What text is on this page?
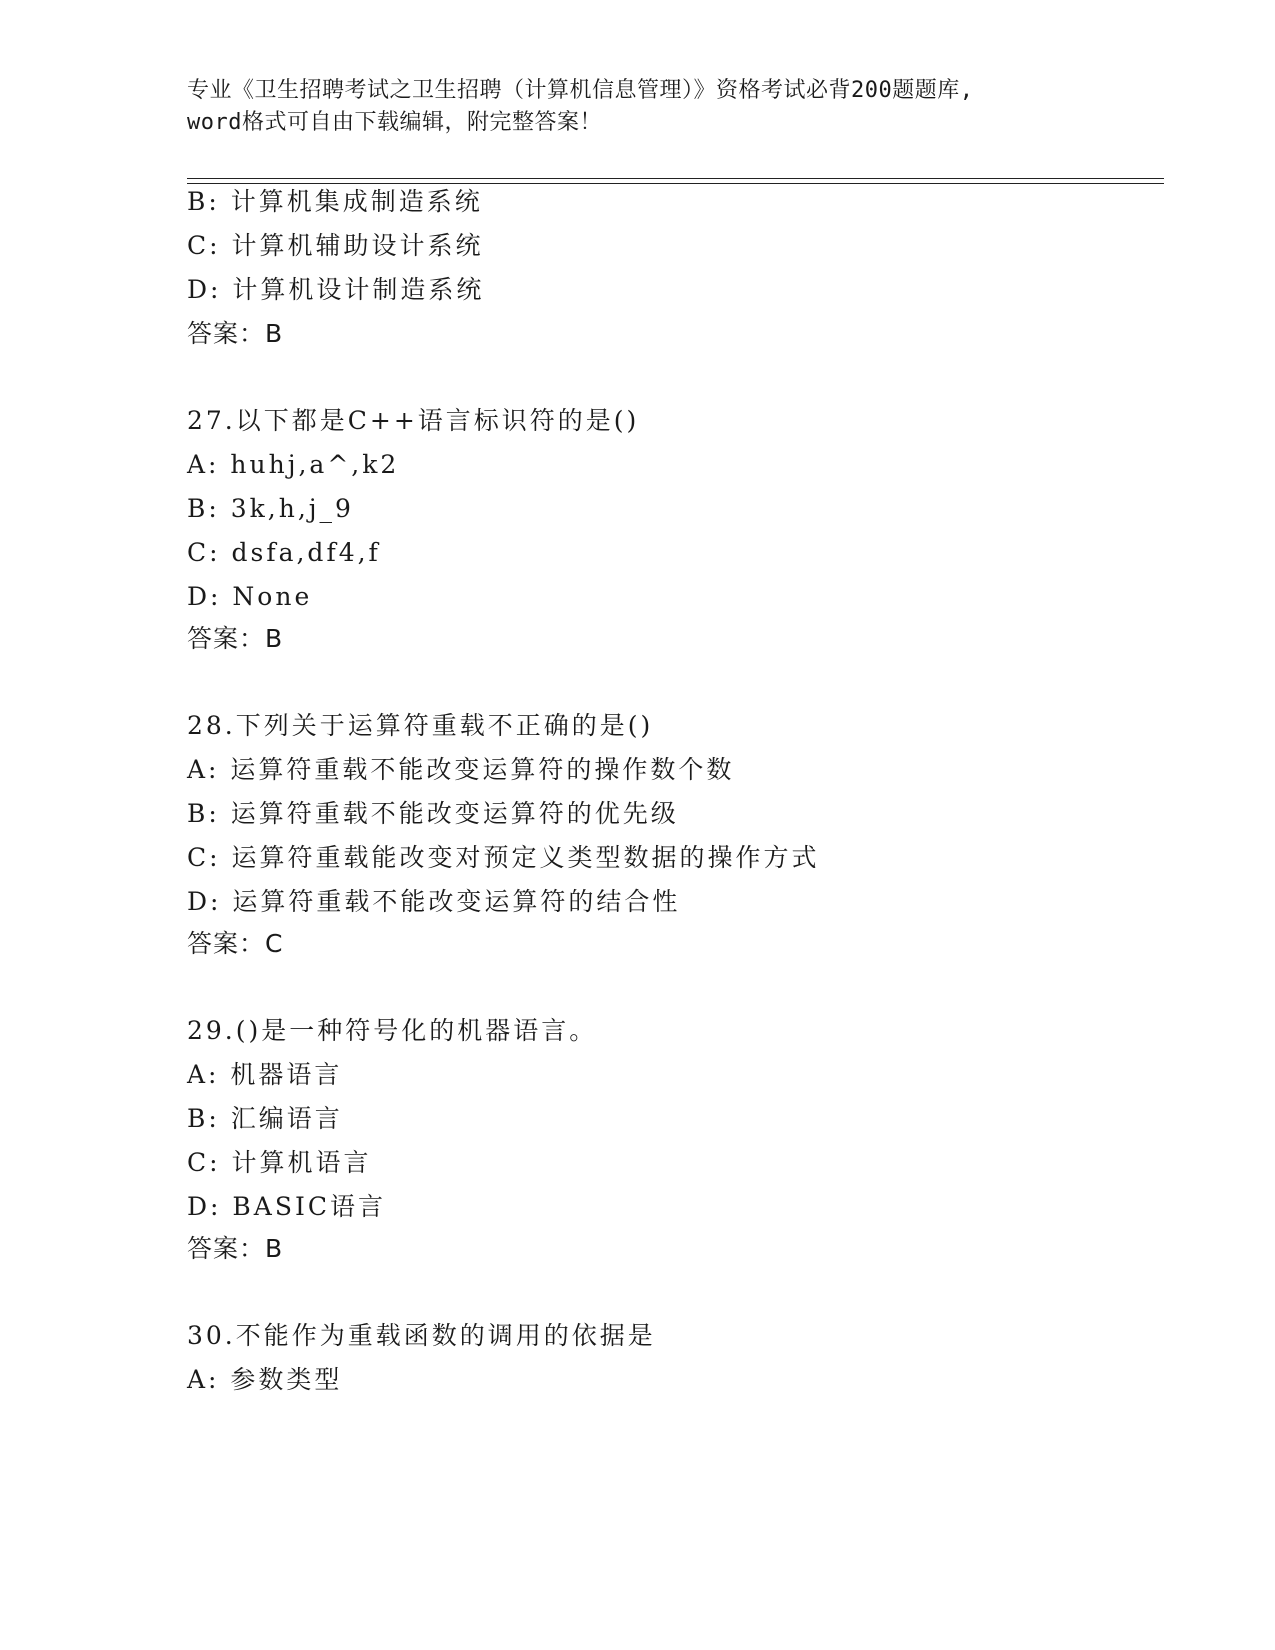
专业《卫生招聘考试之卫生招聘（计算机信息管理）》资格考试必背200题题库,
word格式可自由下载编辑，附完整答案！
B: 计算机集成制造系统
C: 计算机辅助设计系统
D: 计算机设计制造系统
答案：B
27.以下都是C++语言标识符的是()
A: huhj,a^,k2
B: 3k,h,j_9
C: dsfa,df4,f
D: None
答案：B
28.下列关于运算符重载不正确的是()
A: 运算符重载不能改变运算符的操作数个数
B: 运算符重载不能改变运算符的优先级
C: 运算符重载能改变对预定义类型数据的操作方式
D: 运算符重载不能改变运算符的结合性
答案：C
29.()是一种符号化的机器语言。
A: 机器语言
B: 汇编语言
C: 计算机语言
D: BASIC语言
答案：B
30.不能作为重载函数的调用的依据是
A: 参数类型
